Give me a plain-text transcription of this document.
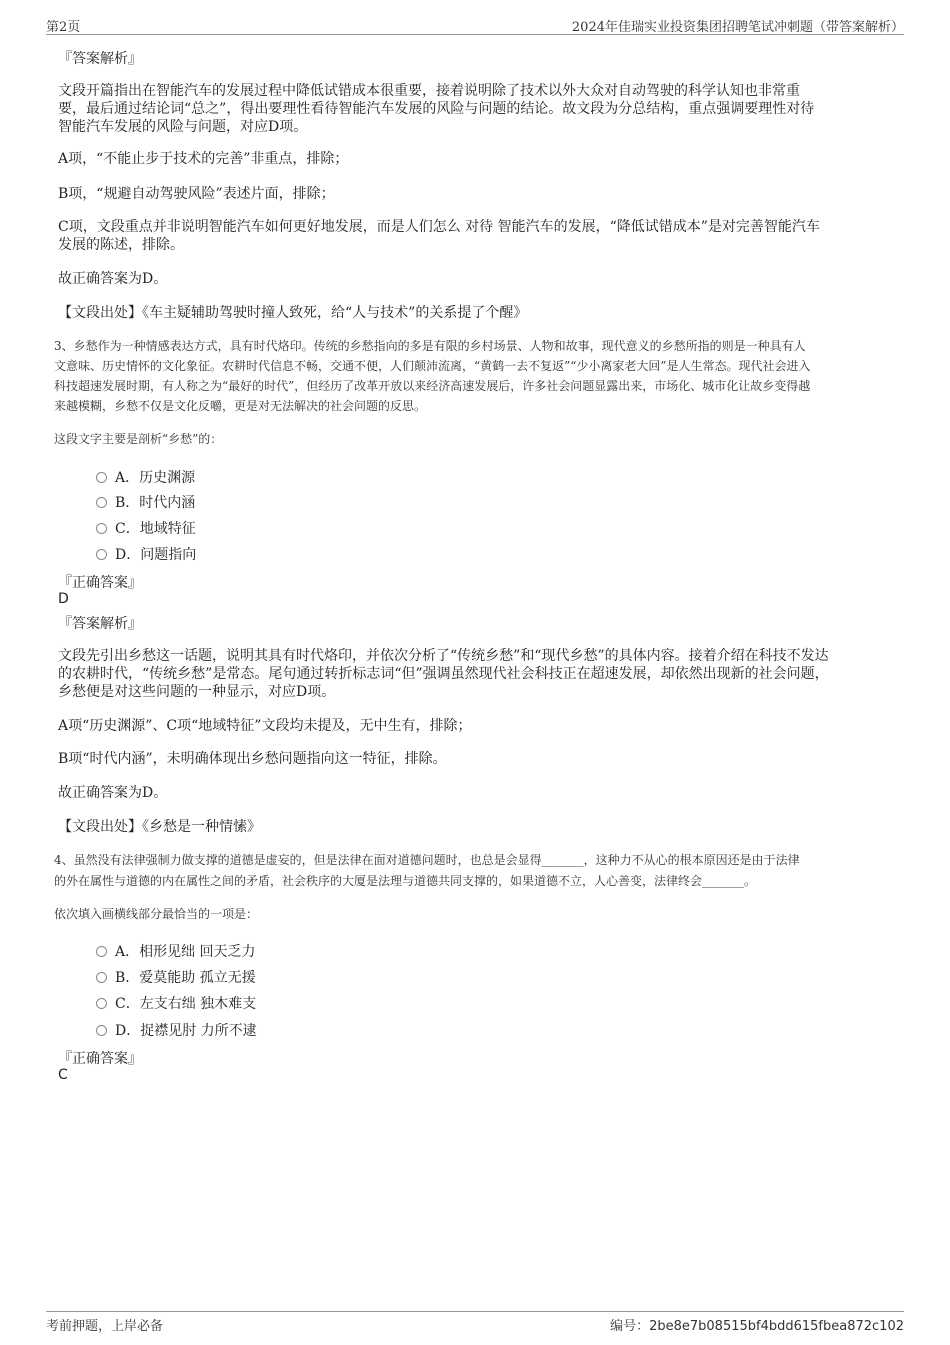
第2页	2024年佳瑞实业投资集团招聘笔试冲刺题（带答案解析）
『答案解析』
文段开篇指出在智能汽车的发展过程中降低试错成本很重要，接着说明除了技术以外大众对自动驾驶的科学认知也非常重
要，最后通过结论词“总之”，得出要理性看待智能汽车发展的风险与问题的结论。故文段为分总结构，重点强调要理性对待
智能汽车发展的风险与问题，对应D项。
A项，“不能止步于技术的完善”非重点，排除；
B项，“规避自动驾驶风险”表述片面，排除；
C项，文段重点并非说明智能汽车如何更好地发展，而是人们怎么 对待 智能汽车的发展，“降低试错成本”是对完善智能汽车
发展的陈述，排除。
故正确答案为D。
【文段出处】《车主疑辅助驾驶时撞人致死，给“人与技术”的关系提了个醒》
3、乡愁作为一种情感表达方式，具有时代烙印。传统的乡愁指向的多是有限的乡村场景、人物和故事，现代意义的乡愁所指的则是一种具有人
文意味、历史情怀的文化象征。农耕时代信息不畅，交通不便，人们颠沛流离，“黄鹤一去不复返”“少小离家老大回”是人生常态。现代社会进入
科技超速发展时期，有人称之为“最好的时代”，但经历了改革开放以来经济高速发展后，许多社会问题显露出来，市场化、城市化让故乡变得越
来越模糊，乡愁不仅是文化反嚼，更是对无法解决的社会问题的反思。
这段文字主要是剖析“乡愁”的：
A．历史渊源
B．时代内涵
C．地域特征
D．问题指向
『正确答案』
D
『答案解析』
文段先引出乡愁这一话题，说明其具有时代烙印，并依次分析了“传统乡愁”和“现代乡愁”的具体内容。接着介绍在科技不发达
的农耕时代，“传统乡愁”是常态。尾句通过转折标志词“但”强调虽然现代社会科技正在超速发展，却依然出现新的社会问题，
乡愁便是对这些问题的一种显示，对应D项。
A项“历史渊源”、C项“地域特征”文段均未提及，无中生有，排除；
B项“时代内涵”，未明确体现出乡愁问题指向这一特征，排除。
故正确答案为D。
【文段出处】《乡愁是一种情愫》
4、虽然没有法律强制力做支撑的道德是虚妄的，但是法律在面对道德问题时，也总是会显得_______，这种力不从心的根本原因还是由于法律
的外在属性与道德的内在属性之间的矛盾，社会秩序的大厦是法理与道德共同支撑的，如果道德不立，人心善变，法律终会_______。
依次填入画横线部分最恰当的一项是：
A．相形见绌 回天乏力
B．爱莫能助 孤立无援
C．左支右绌 独木难支
D．捉襟见肘 力所不逮
『正确答案』
C
考前押题，上岸必备	编号：2be8e7b08515bf4bdd615fbea872c102
